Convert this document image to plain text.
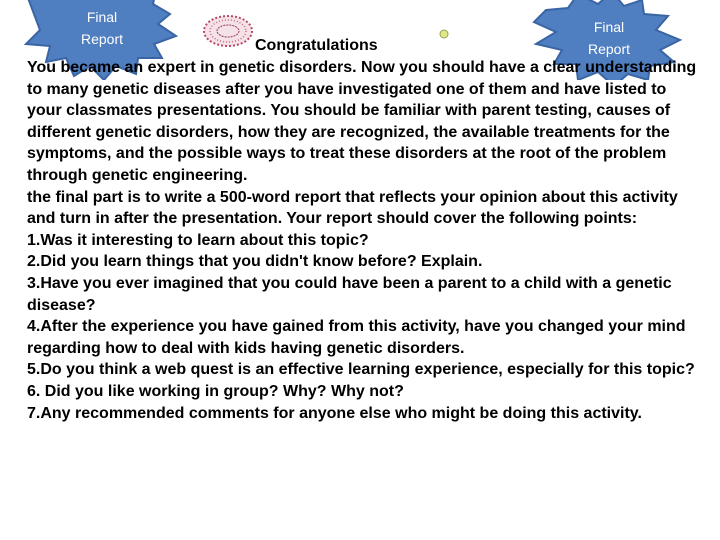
Final
Report	Congratulations
Final
Report

You became an expert in genetic disorders. Now you should have a clear understanding to many genetic diseases after you have investigated one of them and have listed to your classmates presentations. You should be familiar with parent testing, causes of different genetic disorders, how they are recognized, the available treatments for the symptoms, and the possible ways to treat these disorders at the root of the problem through genetic engineering.

the final part is to write a 500-word report that reflects your opinion about this activity and turn in after the presentation. Your report should cover the following points:

1.Was it interesting to learn about this topic?

2.Did you learn things that you didn't know before? Explain.

3.Have you ever imagined that you could have been a parent to a child with a genetic disease?

4.After the experience you have gained from this activity, have you changed your mind regarding how to deal with kids having genetic disorders.

5.Do you think a web quest is an effective learning experience, especially for this topic?

6. Did you like working in group? Why? Why not?

7.Any recommended comments for anyone else who might be doing this activity.
